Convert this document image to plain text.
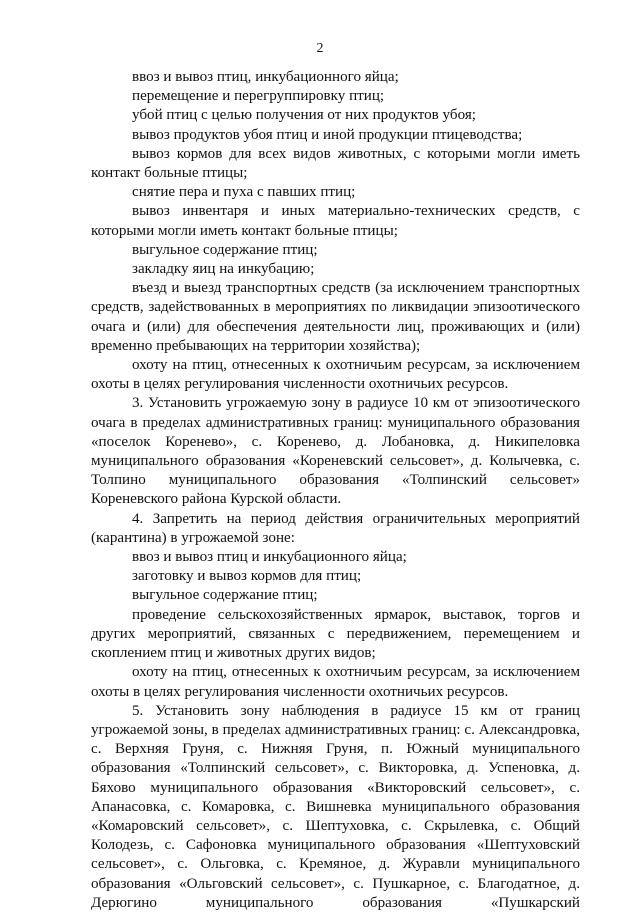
2

ввоз и вывоз птиц, инкубационного яйца;

перемещение и перегруппировку птиц;

убой птиц с целью получения от них продуктов убоя;

вывоз продуктов убоя птиц и иной продукции птицеводства;

вывоз кормов для всех видов животных, с которыми могли иметь контакт больные птицы;

снятие пера и пуха с павших птиц;

вывоз инвентаря и иных материально-технических средств, с которыми могли иметь контакт больные птицы;

выгульное содержание птиц;

закладку яиц на инкубацию;

въезд и выезд транспортных средств (за исключением транспортных средств, задействованных в мероприятиях по ликвидации эпизоотического очага и (или) для обеспечения деятельности лиц, проживающих и (или) временно пребывающих на территории хозяйства);

охоту на птиц, отнесенных к охотничьим ресурсам, за исключением охоты в целях регулирования численности охотничьих ресурсов.

3. Установить угрожаемую зону в радиусе 10 км от эпизоотического очага в пределах административных границ: муниципального образования «поселок Коренево», с. Коренево, д. Лобановка, д. Никипеловка муниципального образования «Кореневский сельсовет», д. Колычевка, с. Толпино муниципального образования «Толпинский сельсовет» Кореневского района Курской области.

4. Запретить на период действия ограничительных мероприятий (карантина) в угрожаемой зоне:

ввоз и вывоз птиц и инкубационного яйца;

заготовку и вывоз кормов для птиц;

выгульное содержание птиц;

проведение сельскохозяйственных ярмарок, выставок, торгов и других мероприятий, связанных с передвижением, перемещением и скоплением птиц и животных других видов;

охоту на птиц, отнесенных к охотничьим ресурсам, за исключением охоты в целях регулирования численности охотничьих ресурсов.

5. Установить зону наблюдения в радиусе 15 км от границ угрожаемой зоны, в пределах административных границ: с. Александровка, с. Верхняя Груня, с. Нижняя Груня, п. Южный муниципального образования «Толпинский сельсовет», с. Викторовка, д. Успеновка, д. Бяхово муниципального образования «Викторовский сельсовет», с. Апанасовка, с. Комаровка, с. Вишневка муниципального образования «Комаровский сельсовет», с. Шептуховка, с. Скрылевка, с. Общий Колодезь, с. Сафоновка муниципального образования «Шептуховский сельсовет», с. Ольговка, с. Кремяное, д. Журавли муниципального образования «Ольговский сельсовет», с. Пушкарное, с. Благодатное, д. Дерюгино муниципального образования «Пушкарский
